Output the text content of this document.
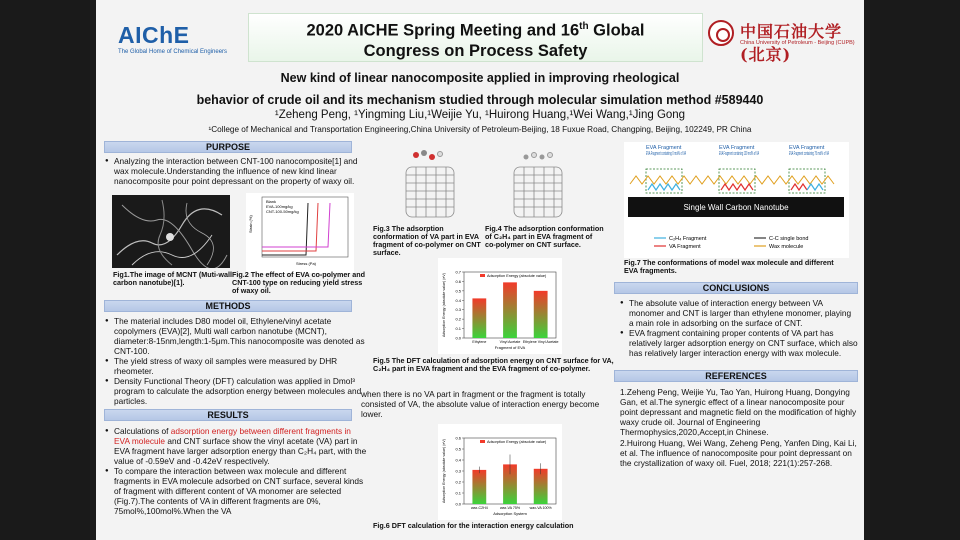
AIChE
The Global Home of Chemical Engineers
2020 AICHE Spring Meeting and 16th Global
Congress on Process Safety
中国石油大学(北京)
China University of Petroleum - Beijing (CUPB)
New kind of linear nanocomposite applied in improving rheological
behavior of crude oil and its mechanism studied through molecular simulation method #589440
¹Zeheng Peng, ¹Yingming Liu,¹Weijie Yu, ¹Huirong Huang,¹Wei Wang,¹Jing Gong
¹College of Mechanical and Transportation Engineering,China University of Petroleum-Beijing, 18 Fuxue Road, Changping, Beijing, 102249, PR China
PURPOSE
● Analyzing the interaction between CNT-100 nanocomposite[1] and wax molecule.Understanding the influence of new kind linear nanocomposite pour point depressant on the property of waxy oil.
Fig1.The image of MCNT (Muti-wall carbon nanotube)[1].
Blank
EVA-100mg/kg
CNT-100-50mg/kg
Strain (%)
Stress (Pa)
Fig.2 The effect of EVA co-polymer and CNT-100 type on reducing yield stress of waxy oil.
METHODS
● The material includes D80 model oil, Ethylene/vinyl acetate copolymers (EVA)[2], Multi wall carbon nanotube (MCNT), diameter:8-15nm,length:1-5μm.This nanocomposite was denoted as CNT-100.
● The yield stress of waxy oil samples were measured by DHR rheometer.
● Density Functional Theory (DFT) calculation was applied in Dmol³ program to calculate the adsorption energy between molecules and particles.
RESULTS
● Calculations of adsorption energy between different fragments in EVA molecule and CNT surface show the vinyl acetate (VA) part in EVA fragment have larger adsorption energy than C₂H₄ part, with the value of -0.59eV and -0.42eV respectively.
● To compare the interaction between wax molecule and different fragments in EVA molecule adsorbed on CNT surface, several kinds of fragment with different content of VA monomer are selected (Fig.7).The contents of VA in different fragments are 0%, 75mol%,100mol%.When the VA
Fig.3 The adsorption conformation of VA part in EVA fragment of co-polymer on CNT surface.
Fig.4 The adsorption conformation of C₂H₄ part in EVA fragment of co-polymer on CNT surface.
0.0
0.1
0.2
0.3
0.4
0.5
0.6
0.7
Ethylene	Vinyl Acetate Ethylene Vinyl Acetate
Fragment of EVA
Adsorption Energy (absolute value) (eV)	Adsorption Energy (absolute value)
Fig.5 The DFT calculation of adsorption energy on CNT surface for VA, C₂H₄ part in EVA fragment and the EVA fragment of co-polymer.
when there is no VA part in fragment or the fragment is totally consisted of VA, the absolute value of interaction energy become lower.
0.0
0.1
0.2
0.3
0.4
0.5
0.6
wax-C2H4	wax-VA 75%	wax-VA 100%
Adsorption System
Adsorption Energy (absolute value) (eV)	Adsorption Energy (absolute value)
Fig.6 DFT calculation for the interaction energy calculation
EVA Fragment
EVA Fragment containing 0 mol% of VA
EVA Fragment
EVA Fragment containing 100 mol% of VA
EVA Fragment
EVA Fragment containing 75 mol% of VA
Single Wall Carbon Nanotube
C₂H₄ Fragment
VA Fragment
C-C single bond
Wax molecule
Fig.7 The conformations of model wax molecule and different EVA fragments.
CONCLUSIONS
● The absolute value of interaction energy between VA monomer and CNT is larger than ethylene monomer, playing a main role in adsorbing on the surface of CNT.
● EVA fragment containing proper contents of VA part has relatively larger adsorption energy on CNT surface, which also has relatively larger interaction energy with wax molecule.
REFERENCES
1.Zeheng Peng, Weijie Yu, Tao Yan, Huirong Huang, Dongying Gan, et al.The synergic effect of a linear nanocomposite pour point depressant and magnetic field on the modification of highly waxy crude oil. Journal of Engineering Thermophysics,2020,Accept,in Chinese.
2.Huirong Huang, Wei Wang, Zeheng Peng, Yanfen Ding, Kai Li, et al. The influence of nanocomposite pour point depressant on the crystallization of waxy oil. Fuel, 2018; 221(1):257-268.
